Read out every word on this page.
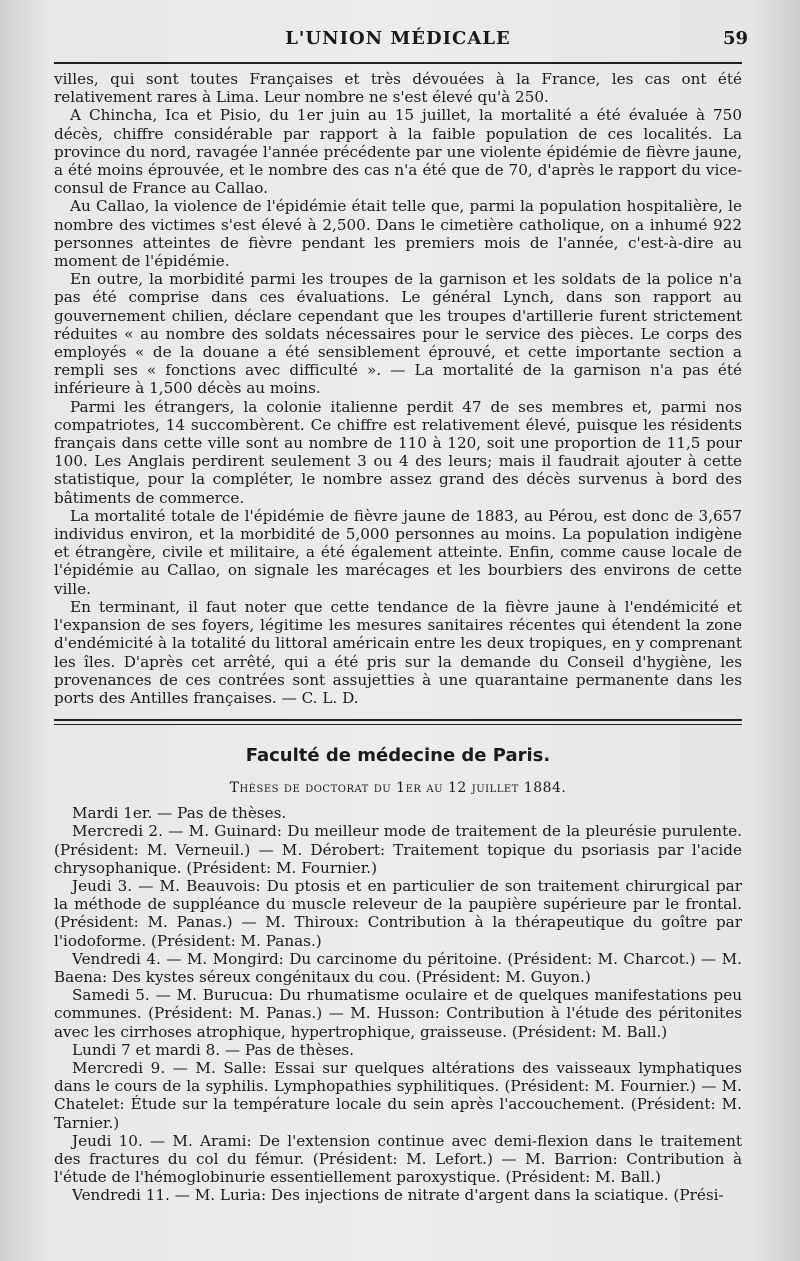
L'UNION MÉDICALE	59

villes, qui sont toutes Françaises et très dévouées à la France, les cas ont été relativement rares à Lima. Leur nombre ne s'est élevé qu'à 250.

A Chincha, Ica et Pisio, du 1er juin au 15 juillet, la mortalité a été évaluée à 750 décès, chiffre considérable par rapport à la faible population de ces localités. La province du nord, ravagée l'année précédente par une violente épidémie de fièvre jaune, a été moins éprouvée, et le nombre des cas n'a été que de 70, d'après le rapport du vice-consul de France au Callao.

Au Callao, la violence de l'épidémie était telle que, parmi la population hospitalière, le nombre des victimes s'est élevé à 2,500. Dans le cimetière catholique, on a inhumé 922 personnes atteintes de fièvre pendant les premiers mois de l'année, c'est-à-dire au moment de l'épidémie.

En outre, la morbidité parmi les troupes de la garnison et les soldats de la police n'a pas été comprise dans ces évaluations. Le général Lynch, dans son rapport au gouvernement chilien, déclare cependant que les troupes d'artillerie furent strictement réduites « au nombre des soldats nécessaires pour le service des pièces. Le corps des employés « de la douane a été sensiblement éprouvé, et cette importante section a rempli ses « fonctions avec difficulté ». — La mortalité de la garnison n'a pas été inférieure à 1,500 décès au moins.

Parmi les étrangers, la colonie italienne perdit 47 de ses membres et, parmi nos compatriotes, 14 succombèrent. Ce chiffre est relativement élevé, puisque les résidents français dans cette ville sont au nombre de 110 à 120, soit une proportion de 11,5 pour 100. Les Anglais perdirent seulement 3 ou 4 des leurs; mais il faudrait ajouter à cette statistique, pour la compléter, le nombre assez grand des décès survenus à bord des bâtiments de commerce.

La mortalité totale de l'épidémie de fièvre jaune de 1883, au Pérou, est donc de 3,657 individus environ, et la morbidité de 5,000 personnes au moins. La population indigène et étrangère, civile et militaire, a été également atteinte. Enfin, comme cause locale de l'épidémie au Callao, on signale les marécages et les bourbiers des environs de cette ville.

En terminant, il faut noter que cette tendance de la fièvre jaune à l'endémicité et l'expansion de ses foyers, légitime les mesures sanitaires récentes qui étendent la zone d'endémicité à la totalité du littoral américain entre les deux tropiques, en y comprenant les îles. D'après cet arrêté, qui a été pris sur la demande du Conseil d'hygiène, les provenances de ces contrées sont assujetties à une quarantaine permanente dans les ports des Antilles françaises. — C. L. D.

Faculté de médecine de Paris.
Thèses de doctorat du 1er au 12 juillet 1884.

Mardi 1er. — Pas de thèses.

Mercredi 2. — M. Guinard: Du meilleur mode de traitement de la pleurésie purulente. (Président: M. Verneuil.) — M. Dérobert: Traitement topique du psoriasis par l'acide chrysophanique. (Président: M. Fournier.)

Jeudi 3. — M. Beauvois: Du ptosis et en particulier de son traitement chirurgical par la méthode de suppléance du muscle releveur de la paupière supérieure par le frontal. (Président: M. Panas.) — M. Thiroux: Contribution à la thérapeutique du goître par l'iodoforme. (Président: M. Panas.)

Vendredi 4. — M. Mongird: Du carcinome du péritoine. (Président: M. Charcot.) — M. Baena: Des kystes séreux congénitaux du cou. (Président: M. Guyon.)

Samedi 5. — M. Burucua: Du rhumatisme oculaire et de quelques manifestations peu communes. (Président: M. Panas.) — M. Husson: Contribution à l'étude des péritonites avec les cirrhoses atrophique, hypertrophique, graisseuse. (Président: M. Ball.)

Lundi 7 et mardi 8. — Pas de thèses.

Mercredi 9. — M. Salle: Essai sur quelques altérations des vaisseaux lymphatiques dans le cours de la syphilis. Lymphopathies syphilitiques. (Président: M. Fournier.) — M. Chatelet: Étude sur la température locale du sein après l'accouchement. (Président: M. Tarnier.)

Jeudi 10. — M. Arami: De l'extension continue avec demi-flexion dans le traitement des fractures du col du fémur. (Président: M. Lefort.) — M. Barrion: Contribution à l'étude de l'hémoglobinurie essentiellement paroxystique. (Président: M. Ball.)

Vendredi 11. — M. Luria: Des injections de nitrate d'argent dans la sciatique. (Prési-
